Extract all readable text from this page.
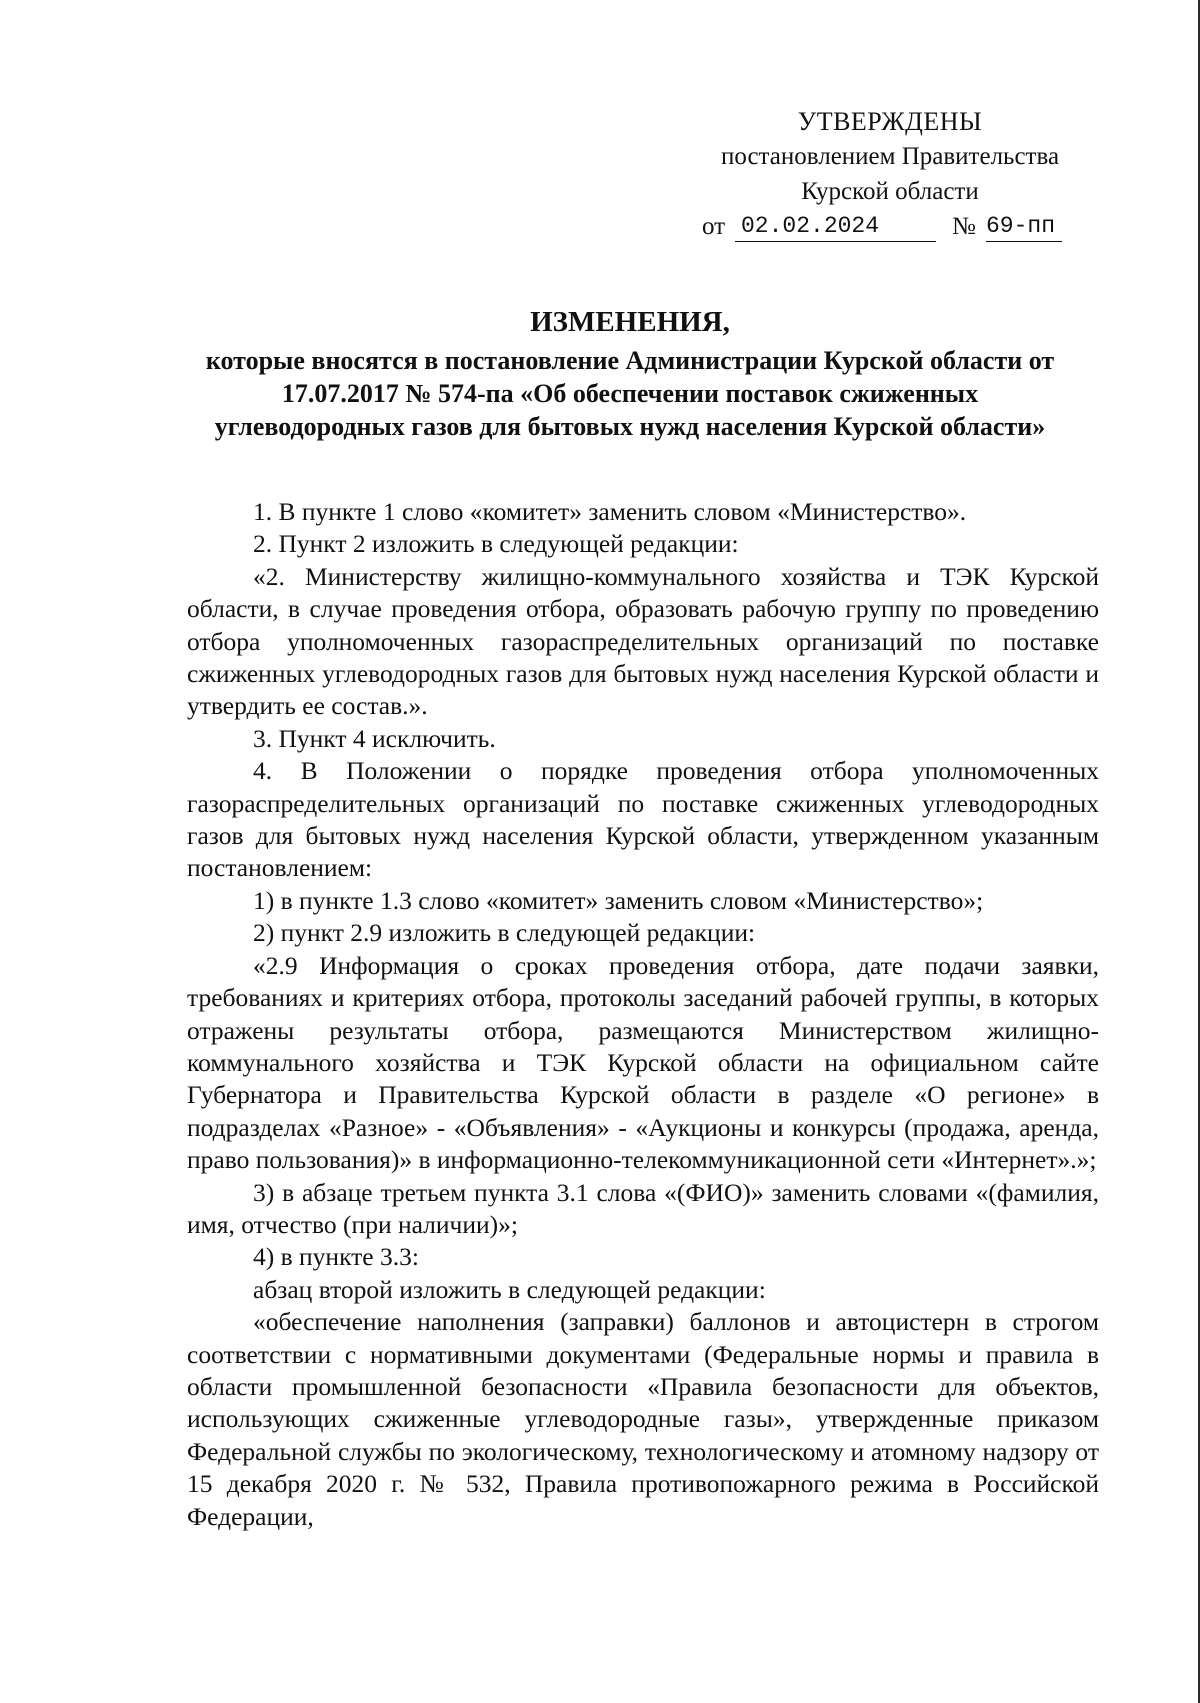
УТВЕРЖДЕНЫ
постановлением Правительства
Курской области
от 02.02.2024	№ 69-пп
ИЗМЕНЕНИЯ,
которые вносятся в постановление Администрации Курской области от
17.07.2017 № 574-па «Об обеспечении поставок сжиженных
углеводородных газов для бытовых нужд населения Курской области»

1. В пункте 1 слово «комитет» заменить словом «Министерство».

2. Пункт 2 изложить в следующей редакции:

«2. Министерству жилищно-коммунального хозяйства и ТЭК Курской области, в случае проведения отбора, образовать рабочую группу по проведению отбора уполномоченных газораспределительных организаций по поставке сжиженных углеводородных газов для бытовых нужд населения Курской области и утвердить ее состав.».

3. Пункт 4 исключить.

4. В Положении о порядке проведения отбора уполномоченных газораспределительных организаций по поставке сжиженных углеводородных газов для бытовых нужд населения Курской области, утвержденном указанным постановлением:

1) в пункте 1.3 слово «комитет» заменить словом «Министерство»;

2) пункт 2.9 изложить в следующей редакции:

«2.9 Информация о сроках проведения отбора, дате подачи заявки, требованиях и критериях отбора, протоколы заседаний рабочей группы, в которых отражены результаты отбора, размещаются Министерством жилищно-коммунального хозяйства и ТЭК Курской области на официальном сайте Губернатора и Правительства Курской области в разделе «О регионе» в подразделах «Разное» - «Объявления» - «Аукционы и конкурсы (продажа, аренда, право пользования)» в информационно-телекоммуникационной сети «Интернет».»;

3) в абзаце третьем пункта 3.1 слова «(ФИО)» заменить словами «(фамилия, имя, отчество (при наличии)»;

4) в пункте 3.3:

абзац второй изложить в следующей редакции:

«обеспечение наполнения (заправки) баллонов и автоцистерн в строгом соответствии с нормативными документами (Федеральные нормы и правила в области промышленной безопасности «Правила безопасности для объектов, использующих сжиженные углеводородные газы», утвержденные приказом Федеральной службы по экологическому, технологическому и атомному надзору от 15 декабря 2020 г. № 532, Правила противопожарного режима в Российской Федерации,
